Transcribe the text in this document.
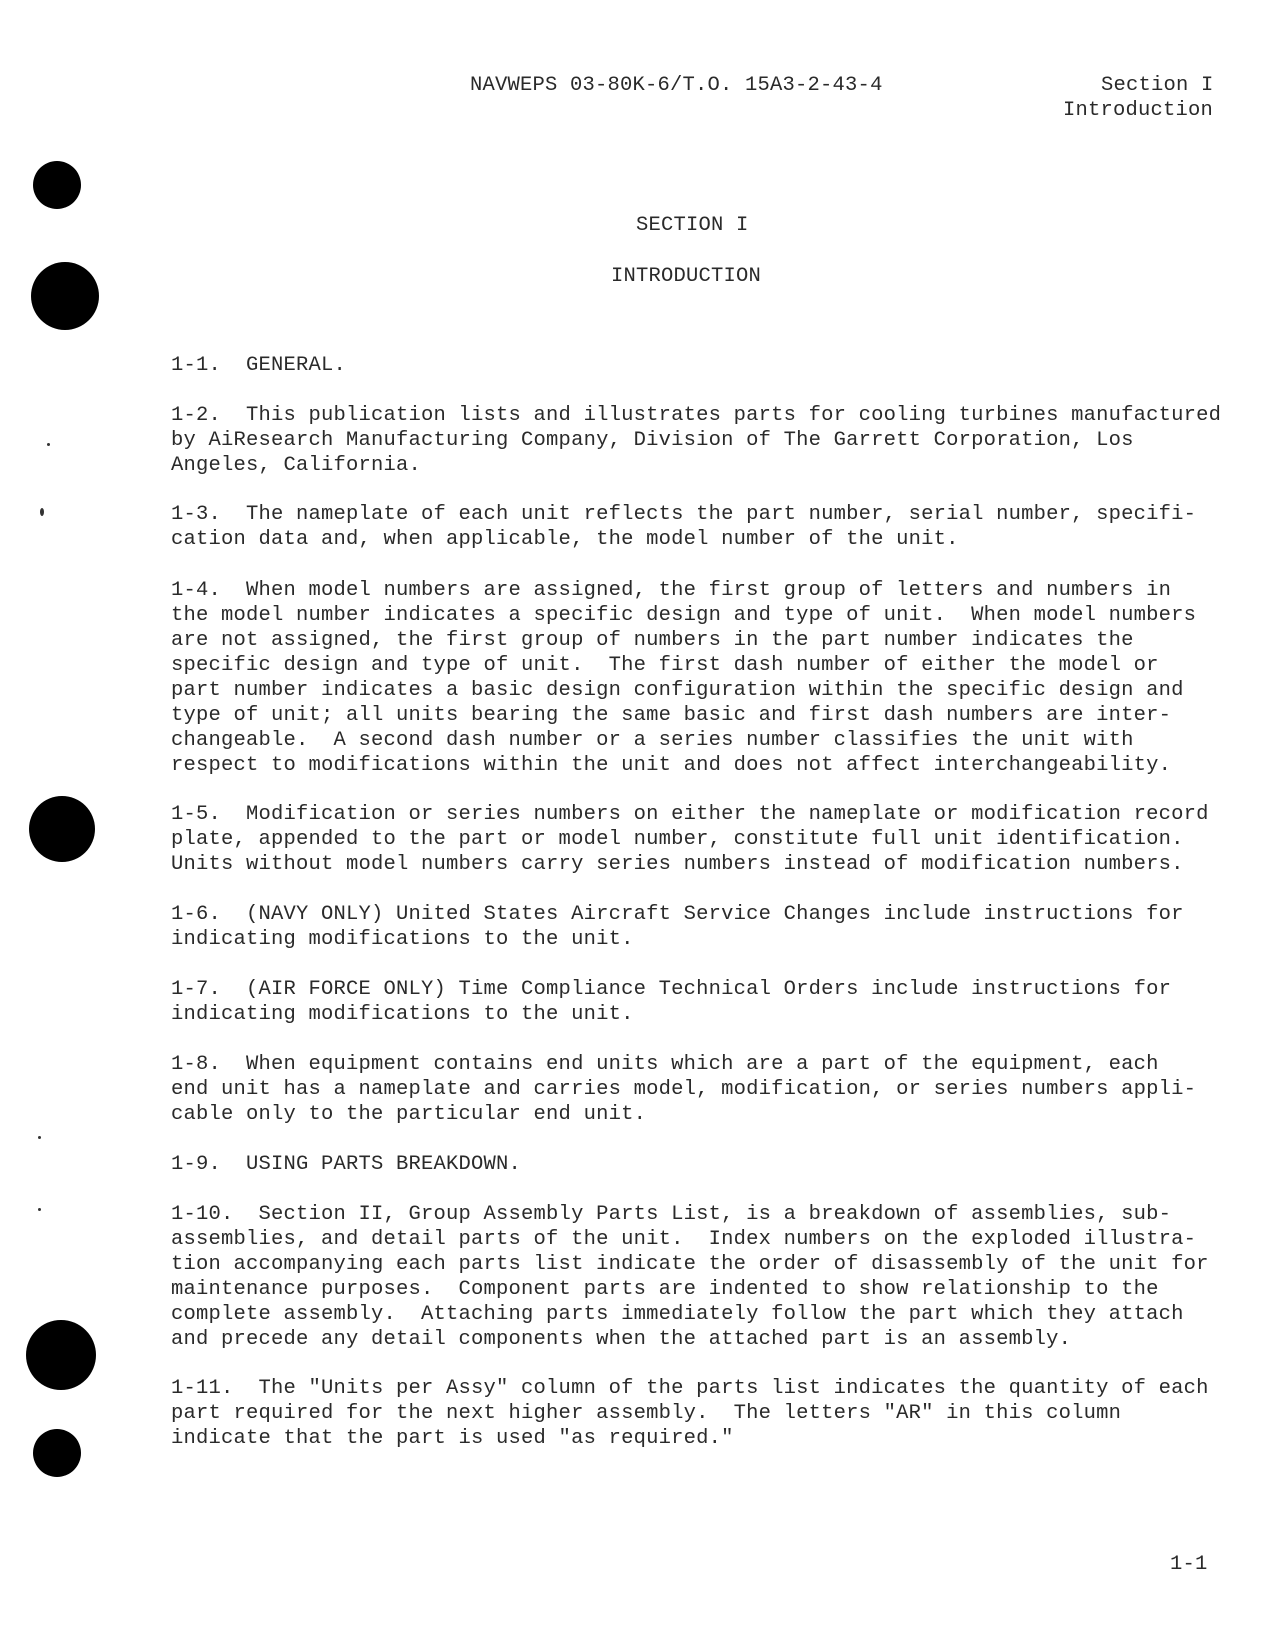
NAVWEPS 03-80K-6/T.O. 15A3-2-43-4	Section I
Introduction
SECTION I
INTRODUCTION
1-1.  GENERAL.
1-2.  This publication lists and illustrates parts for cooling turbines manufactured
by AiResearch Manufacturing Company, Division of The Garrett Corporation, Los
Angeles, California.
1-3.  The nameplate of each unit reflects the part number, serial number, specifi-
cation data and, when applicable, the model number of the unit.
1-4.  When model numbers are assigned, the first group of letters and numbers in
the model number indicates a specific design and type of unit.  When model numbers
are not assigned, the first group of numbers in the part number indicates the
specific design and type of unit.  The first dash number of either the model or
part number indicates a basic design configuration within the specific design and
type of unit; all units bearing the same basic and first dash numbers are inter-
changeable.  A second dash number or a series number classifies the unit with
respect to modifications within the unit and does not affect interchangeability.
1-5.  Modification or series numbers on either the nameplate or modification record
plate, appended to the part or model number, constitute full unit identification.
Units without model numbers carry series numbers instead of modification numbers.
1-6.  (NAVY ONLY) United States Aircraft Service Changes include instructions for
indicating modifications to the unit.
1-7.  (AIR FORCE ONLY) Time Compliance Technical Orders include instructions for
indicating modifications to the unit.
1-8.  When equipment contains end units which are a part of the equipment, each
end unit has a nameplate and carries model, modification, or series numbers appli-
cable only to the particular end unit.
1-9.  USING PARTS BREAKDOWN.
1-10.  Section II, Group Assembly Parts List, is a breakdown of assemblies, sub-
assemblies, and detail parts of the unit.  Index numbers on the exploded illustra-
tion accompanying each parts list indicate the order of disassembly of the unit for
maintenance purposes.  Component parts are indented to show relationship to the
complete assembly.  Attaching parts immediately follow the part which they attach
and precede any detail components when the attached part is an assembly.
1-11.  The "Units per Assy" column of the parts list indicates the quantity of each
part required for the next higher assembly.  The letters "AR" in this column
indicate that the part is used "as required."
1-1
